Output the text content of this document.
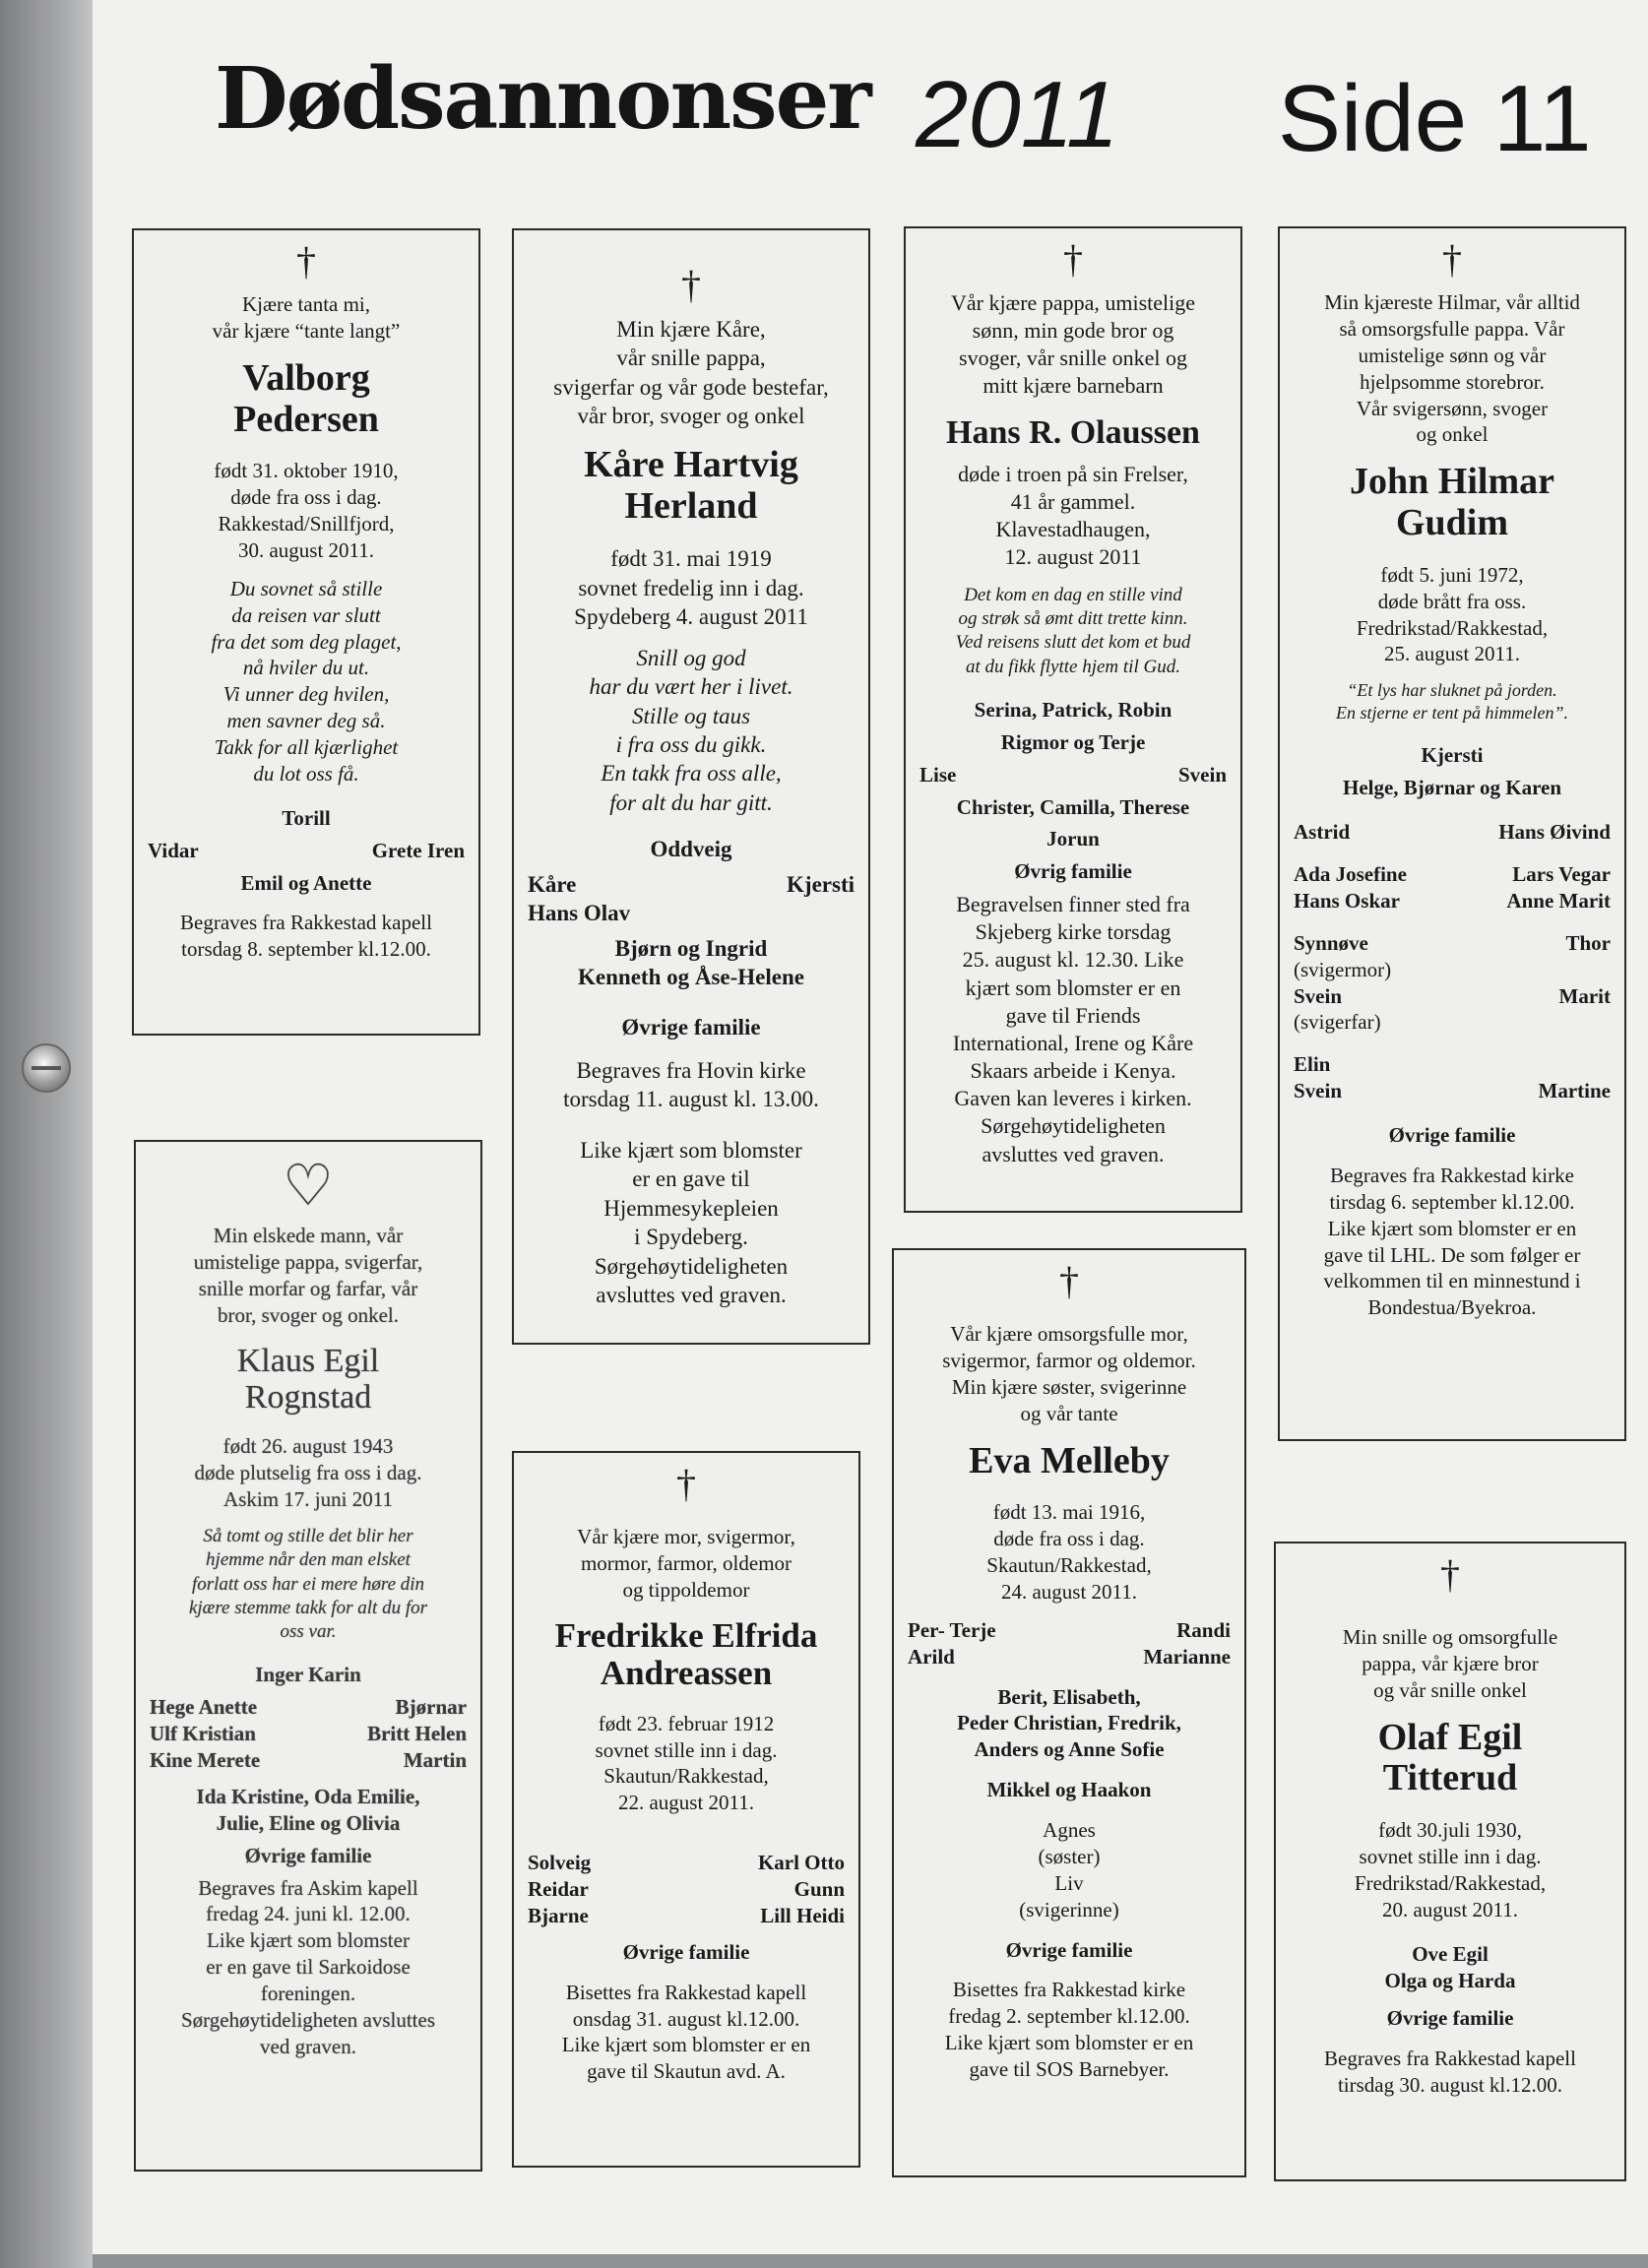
Dødsannonser 2011 Side 11
†
Kjære tanta mi,
vår kjære “tante langt”
Valborg
Pedersen
født 31. oktober 1910,
døde fra oss i dag.
Rakkestad/Snillfjord,
30. august 2011.
Du sovnet så stille
da reisen var slutt
fra det som deg plaget,
nå hviler du ut.
Vi unner deg hvilen,
men savner deg så.
Takk for all kjærlighet
du lot oss få.
Torill
Vidar	Grete Iren
Emil og Anette
Begraves fra Rakkestad kapell
torsdag 8. september kl.12.00.
†
Min kjære Kåre,
vår snille pappa,
svigerfar og vår gode bestefar,
vår bror, svoger og onkel
Kåre Hartvig
Herland
født 31. mai 1919
sovnet fredelig inn i dag.
Spydeberg 4. august 2011
Snill og god
har du vært her i livet.
Stille og taus
i fra oss du gikk.
En takk fra oss alle,
for alt du har gitt.
Oddveig
Kåre	Kjersti
Hans Olav
Bjørn og Ingrid
Kenneth og Åse-Helene
Øvrige familie
Begraves fra Hovin kirke
torsdag 11. august kl. 13.00.
Like kjært som blomster
er en gave til
Hjemmesykepleien
i Spydeberg.
Sørgehøytideligheten
avsluttes ved graven.
†
Vår kjære pappa, umistelige
sønn, min gode bror og
svoger, vår snille onkel og
mitt kjære barnebarn
Hans R. Olaussen
døde i troen på sin Frelser,
41 år gammel.
Klavestadhaugen,
12. august 2011
Det kom en dag en stille vind
og strøk så ømt ditt trette kinn.
Ved reisens slutt det kom et bud
at du fikk flytte hjem til Gud.
Serina, Patrick, Robin
Rigmor og Terje
Lise	Svein
Christer, Camilla, Therese
Jorun
Øvrig familie
Begravelsen finner sted fra
Skjeberg kirke torsdag
25. august kl. 12.30. Like
kjært som blomster er en
gave til Friends
International, Irene og Kåre
Skaars arbeide i Kenya.
Gaven kan leveres i kirken.
Sørgehøytideligheten
avsluttes ved graven.
†
Min kjæreste Hilmar, vår alltid
så omsorgsfulle pappa. Vår
umistelige sønn og vår
hjelpsomme storebror.
Vår svigersønn, svoger
og onkel
John Hilmar
Gudim
født 5. juni 1972,
døde brått fra oss.
Fredrikstad/Rakkestad,
25. august 2011.
“Et lys har sluknet på jorden.
En stjerne er tent på himmelen”.
Kjersti
Helge, Bjørnar og Karen
Astrid	Hans Øivind
Ada Josefine	Lars Vegar
Hans Oskar	Anne Marit
Synnøve	Thor
(svigermor)
Svein	Marit
(svigerfar)
Elin
Svein	Martine
Øvrige familie
Begraves fra Rakkestad kirke
tirsdag 6. september kl.12.00.
Like kjært som blomster er en
gave til LHL. De som følger er
velkommen til en minnestund i
Bondestua/Byekroa.
♡
Min elskede mann, vår
umistelige pappa, svigerfar,
snille morfar og farfar, vår
bror, svoger og onkel.
Klaus Egil
Rognstad
født 26. august 1943
døde plutselig fra oss i dag.
Askim 17. juni 2011
Så tomt og stille det blir her
hjemme når den man elsket
forlatt oss har ei mere høre din
kjære stemme takk for alt du for
oss var.
Inger Karin
Hege Anette	Bjørnar
Ulf Kristian	Britt Helen
Kine Merete	Martin
Ida Kristine, Oda Emilie,
Julie, Eline og Olivia
Øvrige familie
Begraves fra Askim kapell
fredag 24. juni kl. 12.00.
Like kjært som blomster
er en gave til Sarkoidose
foreningen.
Sørgehøytideligheten avsluttes
ved graven.
†
Vår kjære mor, svigermor,
mormor, farmor, oldemor
og tippoldemor
Fredrikke Elfrida
Andreassen
født 23. februar 1912
sovnet stille inn i dag.
Skautun/Rakkestad,
22. august 2011.
Solveig	Karl Otto
Reidar	Gunn
Bjarne	Lill Heidi
Øvrige familie
Bisettes fra Rakkestad kapell
onsdag 31. august kl.12.00.
Like kjært som blomster er en
gave til Skautun avd. A.
†
Vår kjære omsorgsfulle mor,
svigermor, farmor og oldemor.
Min kjære søster, svigerinne
og vår tante
Eva Melleby
født 13. mai 1916,
døde fra oss i dag.
Skautun/Rakkestad,
24. august 2011.
Per- Terje	Randi
Arild	Marianne
Berit, Elisabeth,
Peder Christian, Fredrik,
Anders og Anne Sofie
Mikkel og Haakon
Agnes
(søster)
Liv
(svigerinne)
Øvrige familie
Bisettes fra Rakkestad kirke
fredag 2. september kl.12.00.
Like kjært som blomster er en
gave til SOS Barnebyer.
†
Min snille og omsorgfulle
pappa, vår kjære bror
og vår snille onkel
Olaf Egil
Titterud
født 30.juli 1930,
sovnet stille inn i dag.
Fredrikstad/Rakkestad,
20. august 2011.
Ove Egil
Olga og Harda
Øvrige familie
Begraves fra Rakkestad kapell
tirsdag 30. august kl.12.00.
